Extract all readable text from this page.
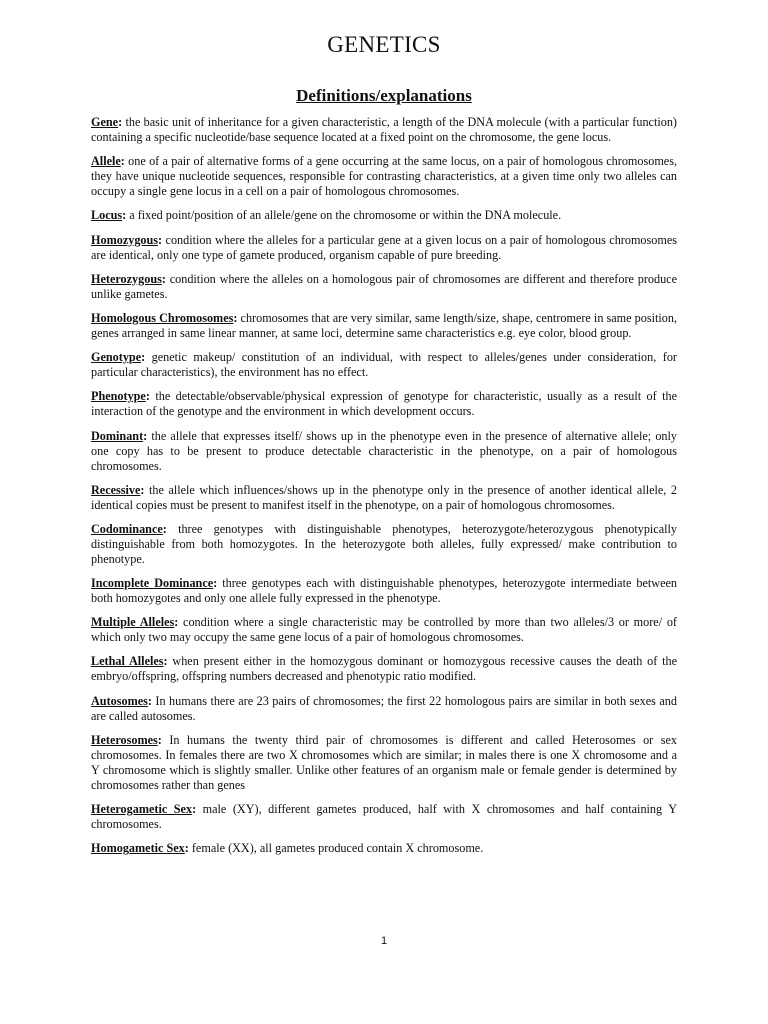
GENETICS
Definitions/explanations

Gene: the basic unit of inheritance for a given characteristic, a length of the DNA molecule (with a particular function) containing a specific nucleotide/base sequence located at a fixed point on the chromosome, the gene locus.

Allele: one of a pair of alternative forms of a gene occurring at the same locus, on a pair of homologous chromosomes, they have unique nucleotide sequences, responsible for contrasting characteristics, at a given time only two alleles can occupy a single gene locus in a cell on a pair of homologous chromosomes.

Locus: a fixed point/position of an allele/gene on the chromosome or within the DNA molecule.

Homozygous: condition where the alleles for a particular gene at a given locus on a pair of homologous chromosomes are identical, only one type of gamete produced, organism capable of pure breeding.

Heterozygous: condition where the alleles on a homologous pair of chromosomes are different and therefore produce unlike gametes.

Homologous Chromosomes: chromosomes that are very similar, same length/size, shape, centromere in same position, genes arranged in same linear manner, at same loci, determine same characteristics e.g. eye color, blood group.

Genotype: genetic makeup/ constitution of an individual, with respect to alleles/genes under consideration, for particular characteristics), the environment has no effect.

Phenotype: the detectable/observable/physical expression of genotype for characteristic, usually as a result of the interaction of the genotype and the environment in which development occurs.

Dominant: the allele that expresses itself/ shows up in the phenotype even in the presence of alternative allele; only one copy has to be present to produce detectable characteristic in the phenotype, on a pair of homologous chromosomes.

Recessive: the allele which influences/shows up in the phenotype only in the presence of another identical allele, 2 identical copies must be present to manifest itself in the phenotype, on a pair of homologous chromosomes.

Codominance: three genotypes with distinguishable phenotypes, heterozygote/heterozygous phenotypically distinguishable from both homozygotes. In the heterozygote both alleles, fully expressed/ make contribution to phenotype.

Incomplete Dominance: three genotypes each with distinguishable phenotypes, heterozygote intermediate between both homozygotes and only one allele fully expressed in the phenotype.

Multiple Alleles: condition where a single characteristic may be controlled by more than two alleles/3 or more/ of which only two may occupy the same gene locus of a pair of homologous chromosomes.

Lethal Alleles: when present either in the homozygous dominant or homozygous recessive causes the death of the embryo/offspring, offspring numbers decreased and phenotypic ratio modified.

Autosomes: In humans there are 23 pairs of chromosomes; the first 22 homologous pairs are similar in both sexes and are called autosomes.

Heterosomes: In humans the twenty third pair of chromosomes is different and called Heterosomes or sex chromosomes. In females there are two X chromosomes which are similar; in males there is one X chromosome and a Y chromosome which is slightly smaller. Unlike other features of an organism male or female gender is determined by chromosomes rather than genes

Heterogametic Sex: male (XY), different gametes produced, half with X chromosomes and half containing Y chromosomes.

Homogametic Sex: female (XX), all gametes produced contain X chromosome.

1
